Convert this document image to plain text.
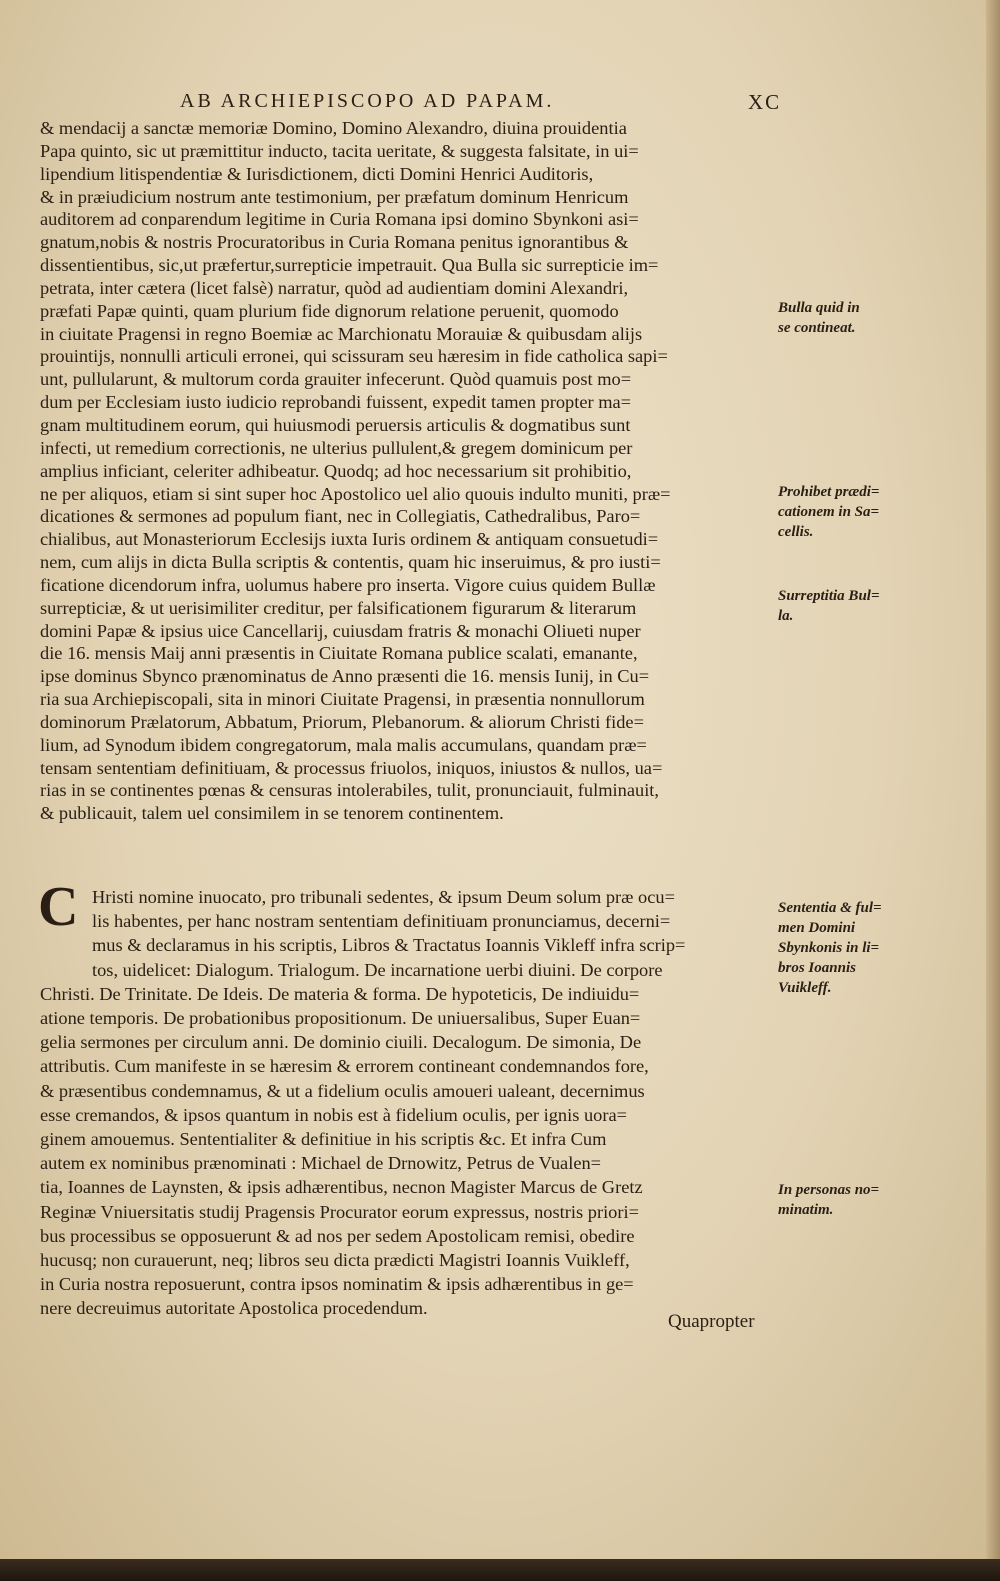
AB ARCHIEPISCOPO AD PAPAM.	XC
& mendacij a sanctæ memoriæ Domino, Domino Alexandro, diuina prouidentia
Papa quinto, sic ut præmittitur inducto, tacita ueritate, & suggesta falsitate, in ui=
lipendium litispendentiæ & Iurisdictionem, dicti Domini Henrici Auditoris,
& in præiudicium nostrum ante testimonium, per præfatum dominum Henricum
auditorem ad conparendum legitime in Curia Romana ipsi domino Sbynkoni asi=
gnatum,nobis & nostris Procuratoribus in Curia Romana penitus ignorantibus &
dissentientibus, sic,ut præfertur,surrepticie impetrauit. Qua Bulla sic surrepticie im=
petrata, inter cætera (licet falsè) narratur, quòd ad audientiam domini Alexandri,
præfati Papæ quinti, quam plurium fide dignorum relatione peruenit, quomodo
in ciuitate Pragensi in regno Boemiæ ac Marchionatu Morauiæ & quibusdam alijs
prouintijs, nonnulli articuli erronei, qui scissuram seu hæresim in fide catholica sapi=
unt, pullularunt, & multorum corda grauiter infecerunt. Quòd quamuis post mo=
dum per Ecclesiam iusto iudicio reprobandi fuissent, expedit tamen propter ma=
gnam multitudinem eorum, qui huiusmodi peruersis articulis & dogmatibus sunt
infecti, ut remedium correctionis, ne ulterius pullulent,& gregem dominicum per
amplius inficiant, celeriter adhibeatur. Quodq; ad hoc necessarium sit prohibitio,
ne per aliquos, etiam si sint super hoc Apostolico uel alio quouis indulto muniti, præ=
dicationes & sermones ad populum fiant, nec in Collegiatis, Cathedralibus, Paro=
chialibus, aut Monasteriorum Ecclesijs iuxta Iuris ordinem & antiquam consuetudi=
nem, cum alijs in dicta Bulla scriptis & contentis, quam hic inseruimus, & pro iusti=
ficatione dicendorum infra, uolumus habere pro inserta. Vigore cuius quidem Bullæ
surrepticiæ, & ut uerisimiliter creditur, per falsificationem figurarum & literarum
domini Papæ & ipsius uice Cancellarij, cuiusdam fratris & monachi Oliueti nuper
die 16. mensis Maij anni præsentis in Ciuitate Romana publice scalati, emanante,
ipse dominus Sbynco prænominatus de Anno præsenti die 16. mensis Iunij, in Cu=
ria sua Archiepiscopali, sita in minori Ciuitate Pragensi, in præsentia nonnullorum
dominorum Prælatorum, Abbatum, Priorum, Plebanorum. & aliorum Christi fide=
lium, ad Synodum ibidem congregatorum, mala malis accumulans, quandam præ=
tensam sententiam definitiuam, & processus friuolos, iniquos, iniustos & nullos, ua=
rias in se continentes pœnas & censuras intolerabiles, tulit, pronunciauit, fulminauit,
& publicauit, talem uel consimilem in se tenorem continentem.
C Hristi nomine inuocato, pro tribunali sedentes, & ipsum Deum solum præ ocu=
lis habentes, per hanc nostram sententiam definitiuam pronunciamus, decerni=
mus & declaramus in his scriptis, Libros & Tractatus Ioannis Vikleff infra scrip=
tos, uidelicet: Dialogum. Trialogum. De incarnatione uerbi diuini. De corpore
Christi. De Trinitate. De Ideis. De materia & forma. De hypoteticis, De indiuidu=
atione temporis. De probationibus propositionum. De uniuersalibus, Super Euan=
gelia sermones per circulum anni. De dominio ciuili. Decalogum. De simonia, De
attributis. Cum manifeste in se hæresim & errorem contineant condemnandos fore,
& præsentibus condemnamus, & ut a fidelium oculis amoueri ualeant, decernimus
esse cremandos, & ipsos quantum in nobis est à fidelium oculis, per ignis uora=
ginem amouemus. Sententialiter & definitiue in his scriptis &c. Et infra Cum
autem ex nominibus prænominati : Michael de Drnowitz, Petrus de Vualen=
tia, Ioannes de Laynsten, & ipsis adhærentibus, necnon Magister Marcus de Gretz
Reginæ Vniuersitatis studij Pragensis Procurator eorum expressus, nostris priori=
bus processibus se opposuerunt & ad nos per sedem Apostolicam remisi, obedire
hucusq; non curauerunt, neq; libros seu dicta prædicti Magistri Ioannis Vuikleff,
in Curia nostra reposuerunt, contra ipsos nominatim & ipsis adhærentibus in ge=
nere decreuimus autoritate Apostolica procedendum.
Bulla quid in
se contineat.
Prohibet prædi=
cationem in Sa=
cellis.
Surreptitia Bul=
la.
Sententia & ful=
men Domini
Sbynkonis in li=
bros Ioannis
Vuikleff.
In personas no=
minatim.
Quapropter
